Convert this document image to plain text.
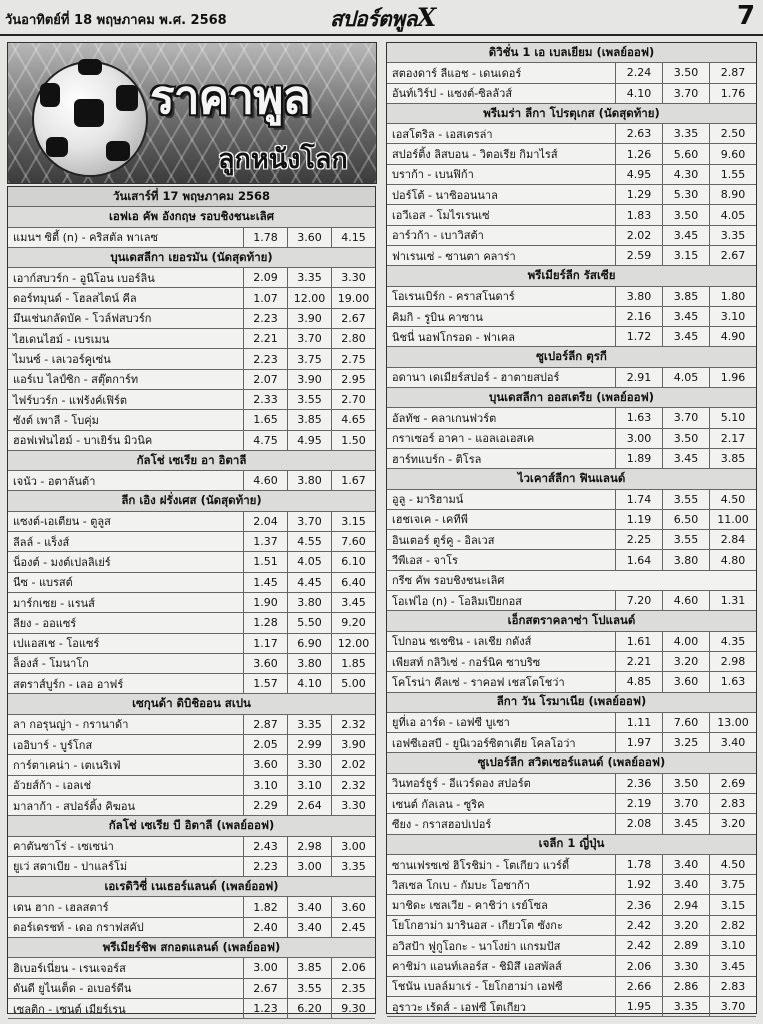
วันอาทิตย์ที่ 18 พฤษภาคม พ.ศ. 2568	สปอร์ตพูลX	7
ราคาพูล
ลูกหนังโลก
วันเสาร์ที่ 17 พฤษภาคม 2568
เอฟเอ คัพ อังกฤษ รอบชิงชนะเลิศ
แมนฯ ซิตี้ (n) - คริสตัล พาเลซ	1.78	3.60	4.15
บุนเดสลีกา เยอรมัน (นัดสุดท้าย)
เอาก์สบวร์ก - อูนิโอน เบอร์ลิน	2.09	3.35	3.30
ดอร์ทมุนด์ - โฮลสไตน์ คีล	1.07	12.00	19.00
มึนเช่นกลัดบัค - โวล์ฟสบวร์ก	2.23	3.90	2.67
ไฮเดนไฮม์ - เบรเมน	2.21	3.70	2.80
ไมนซ์ - เลเวอร์คูเซ่น	2.23	3.75	2.75
แอร์เบ ไลป์ซิก - สตุ๊ตการ์ท	2.07	3.90	2.95
ไฟร์บวร์ก - แฟร้งค์เฟิร์ต	2.33	3.55	2.70
ซังต์ เพาลี - โบคุ่ม	1.65	3.85	4.65
ฮอฟเฟ่นไฮม์ - บาเยิร์น มิวนิค	4.75	4.95	1.50
กัลโช่ เซเรีย อา อิตาลี
เจนัว - อตาลันต้า	4.60	3.80	1.67
ลีก เอิง ฝรั่งเศส (นัดสุดท้าย)
แซงต์-เอเตียน - ตูลูส	2.04	3.70	3.15
ลีลล์ - แร็งส์	1.37	4.55	7.60
น็องต์ - มงต์เปลลิเย่ร์	1.51	4.05	6.10
นีซ - แบรสต์	1.45	4.45	6.40
มาร์กเซย - แรนส์	1.90	3.80	3.45
ลียง - ออแซร์	1.28	5.50	9.20
เปแอสเช - โอแซร์	1.17	6.90	12.00
ล็องส์ - โมนาโก	3.60	3.80	1.85
สตราส์บูร์ก - เลอ อาฟร์	1.57	4.10	5.00
เซกุนด้า ดิบิชิออน สเปน
ลา กอรุนญ่า - กรานาด้า	2.87	3.35	2.32
เออิบาร์ - บูร์โกส	2.05	2.99	3.90
การ์ตาเคน่า - เตเนริเฟ่	3.60	3.30	2.02
อัวยส์ก้า - เอลเช่	3.10	3.10	2.32
มาลาก้า - สปอร์ติ้ง คิฆอน	2.29	2.64	3.30
กัลโช่ เซเรีย บี อิตาลี (เพลย์ออฟ)
คาตันซาโร่ - เซเซน่า	2.43	2.98	3.00
ยูเว่ สตาเบีย - ปาแลร์โม่	2.23	3.00	3.35
เอเรดิวิซี่ เนเธอร์แลนด์ (เพลย์ออฟ)
เดน ฮาก - เฮลสตาร์	1.82	3.40	3.60
ดอร์เดรชท์ - เดอ กราฟสคัป	2.40	3.40	2.45
พรีเมียร์ชิพ สกอตแลนด์ (เพลย์ออฟ)
ฮิเบอร์เนี่ยน - เรนเจอร์ส	3.00	3.85	2.06
ดันดี ยูไนเต็ด - อเบอร์ดีน	2.67	3.55	2.35
เซลติก - เซนต์ เมียร์เรน	1.23	6.20	9.30
ดิวิชั่น 1 เอ เบลเยียม (เพลย์ออฟ)
สตองดาร์ ลีแอช - เดนเดอร์	2.24	3.50	2.87
อันท์เวิร์ป - แซงต์-ซิลลัวส์	4.10	3.70	1.76
พรีเมร่า ลีกา โปรตุเกส (นัดสุดท้าย)
เอสโตริล - เอสเตรล่า	2.63	3.35	2.50
สปอร์ติ้ง ลิสบอน - วิตอเรีย กิมาไรส์	1.26	5.60	9.60
บราก้า - เบนฟิก้า	4.95	4.30	1.55
ปอร์โต้ - นาซิออนนาล	1.29	5.30	8.90
เอวีเอส - โมไรเรนเซ่	1.83	3.50	4.05
อาร์วก้า - เบาวิสต้า	2.02	3.45	3.35
ฟาเรนเซ่ - ซานตา คลาร่า	2.59	3.15	2.67
พรีเมียร์ลีก รัสเซีย
โอเรนเบิร์ก - คราสโนดาร์	3.80	3.85	1.80
คิมกิ - รูบิน คาซาน	2.16	3.45	3.10
นิชนี่ นอฟโกรอด - ฟาเคล	1.72	3.45	4.90
ซูเปอร์ลีก ตุรกี
อดานา เดเมียร์สปอร์ - ฮาตายสปอร์	2.91	4.05	1.96
บุนเดสลีกา ออสเตรีย (เพลย์ออฟ)
อัลทัช - คลาเกนฟวร์ต	1.63	3.70	5.10
กราเซอร์ อาคา - แอลเอเอสเค	3.00	3.50	2.17
ฮาร์ทแบร์ก - ติโรล	1.89	3.45	3.85
ไวเคาส์ลีกา ฟินแลนด์
อูลู - มาริฮามน์	1.74	3.55	4.50
เฮชเจเค - เคทีพี	1.19	6.50	11.00
อินเตอร์ ตูร์คู - อิลเวส	2.25	3.55	2.84
วีพีเอส - จาโร	1.64	3.80	4.80
กรีซ คัพ รอบชิงชนะเลิศ
โอเฟไอ (n) - โอลิมเปียกอส	7.20	4.60	1.31
เอ็กสตราคลาซ่า โปแลนด์
โปกอน ชเชซิน - เลเชีย กดังส์	1.61	4.00	4.35
เพียสท์ กลิวิเซ่ - กอร์นิค ซาบริซ	2.21	3.20	2.98
โคโรน่า คีลเซ่ - ราคอฟ เชสโตโชว่า	4.85	3.60	1.63
ลีกา วัน โรมาเนีย (เพลย์ออฟ)
ยูที่เอ อาร์ด - เอฟซี บูเซา	1.11	7.60	13.00
เอฟซีเอสบี - ยูนิเวอร์ซิตาเตีย โคลโอว่า	1.97	3.25	3.40
ซูเปอร์ลีก สวิตเซอร์แลนด์ (เพลย์ออฟ)
วินทอร์ธูร์ - อีแวร์ดอง สปอร์ต	2.36	3.50	2.69
เซนต์ กัลเลน - ซูริค	2.19	3.70	2.83
ซียง - กราสฮอปเปอร์	2.08	3.45	3.20
เจลีก 1 ญี่ปุ่น
ซานเฟรซเซ่ ฮิโรชิม่า - โตเกียว แวร์ดี้	1.78	3.40	4.50
วิสเซล โกเบ - กัมบะ โอซาก้า	1.92	3.40	3.75
มาชิดะ เซลเวีย - คาชิว่า เรย์โซล	2.36	2.94	3.15
โยโกฮาม่า มารินอส - เกียวโต ซังกะ	2.42	3.20	2.82
อวิสป้า ฟูกูโอกะ - นาโงย่า แกรมปัส	2.42	2.89	3.10
คาชิม่า แอนท์เลอร์ส - ชิมิสึ เอสพัลส์	2.06	3.30	3.45
โชนัน เบลล์มาเร่ - โยโกฮาม่า เอฟซี	2.66	2.86	2.83
อุราวะ เร้ดส์ - เอฟซี โตเกียว	1.95	3.35	3.70
